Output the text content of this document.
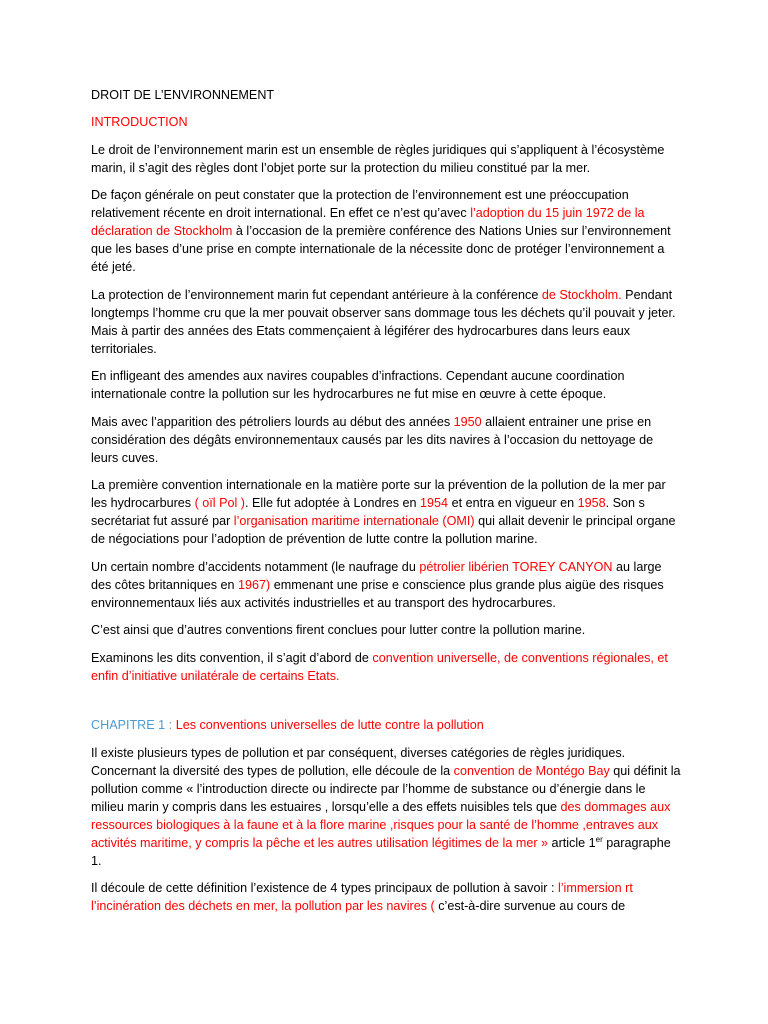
DROIT DE L’ENVIRONNEMENT

INTRODUCTION

Le droit de l’environnement marin est un ensemble de règles juridiques qui s’appliquent à l’écosystème marin, il s’agit des règles dont l’objet porte sur la protection du milieu constitué par la mer.

De façon générale on peut constater que la protection de l’environnement est une préoccupation relativement récente en droit international. En effet ce n’est qu’avec l’adoption du 15 juin 1972 de la déclaration de Stockholm à l’occasion de la première conférence des Nations Unies sur l’environnement que les bases d’une prise en compte internationale de la nécessite donc de protéger l’environnement a été jeté.

La protection de l’environnement marin fut cependant antérieure à la conférence de Stockholm. Pendant longtemps l’homme cru que la mer pouvait observer sans dommage tous les déchets qu’il pouvait y jeter. Mais à partir des années des Etats commençaient à légiférer des hydrocarbures dans leurs eaux territoriales.

En infligeant des amendes aux navires coupables d’infractions. Cependant aucune coordination internationale contre la pollution sur les hydrocarbures ne fut mise en œuvre à cette époque.

Mais avec l’apparition des pétroliers lourds au début des années 1950 allaient entrainer une prise en considération des dégâts environnementaux causés par les dits navires à l’occasion du nettoyage de leurs cuves.

La première convention internationale en la matière porte sur la prévention de la pollution de la mer par les hydrocarbures ( oïl Pol ). Elle fut adoptée à Londres en 1954 et entra en vigueur en 1958. Son s secrétariat fut assuré par l’organisation maritime internationale (OMI) qui allait devenir le principal organe de négociations pour l’adoption de prévention de lutte contre la pollution marine.

Un certain nombre d’accidents notamment (le naufrage du pétrolier libérien TOREY CANYON au large des côtes britanniques en 1967) emmenant une prise e conscience plus grande plus aigüe des risques environnementaux liés aux activités industrielles et au transport des hydrocarbures.

C’est ainsi que d’autres conventions firent conclues pour lutter contre la pollution marine.

Examinons les dits convention, il s’agit d’abord de convention universelle, de conventions régionales, et enfin d’initiative unilatérale de certains Etats.

CHAPITRE 1 : Les conventions universelles de lutte contre la pollution

Il existe plusieurs types de pollution et par conséquent, diverses catégories de règles juridiques. Concernant la diversité des types de pollution, elle découle de la convention de Montégo Bay qui définit la pollution comme « l’introduction directe ou indirecte par l’homme de substance ou d’énergie dans le milieu marin y compris dans les estuaires , lorsqu’elle a des effets nuisibles tels que des dommages aux ressources biologiques à la faune et à la flore marine ,risques pour la santé de l’homme ,entraves aux activités maritime, y compris la pêche et les autres utilisation légitimes de la mer » article 1er paragraphe 1.

Il découle de cette définition l’existence de 4 types principaux de pollution à savoir : l’immersion rt l’incinération des déchets en mer, la pollution par les navires ( c’est-à-dire survenue au cours de
